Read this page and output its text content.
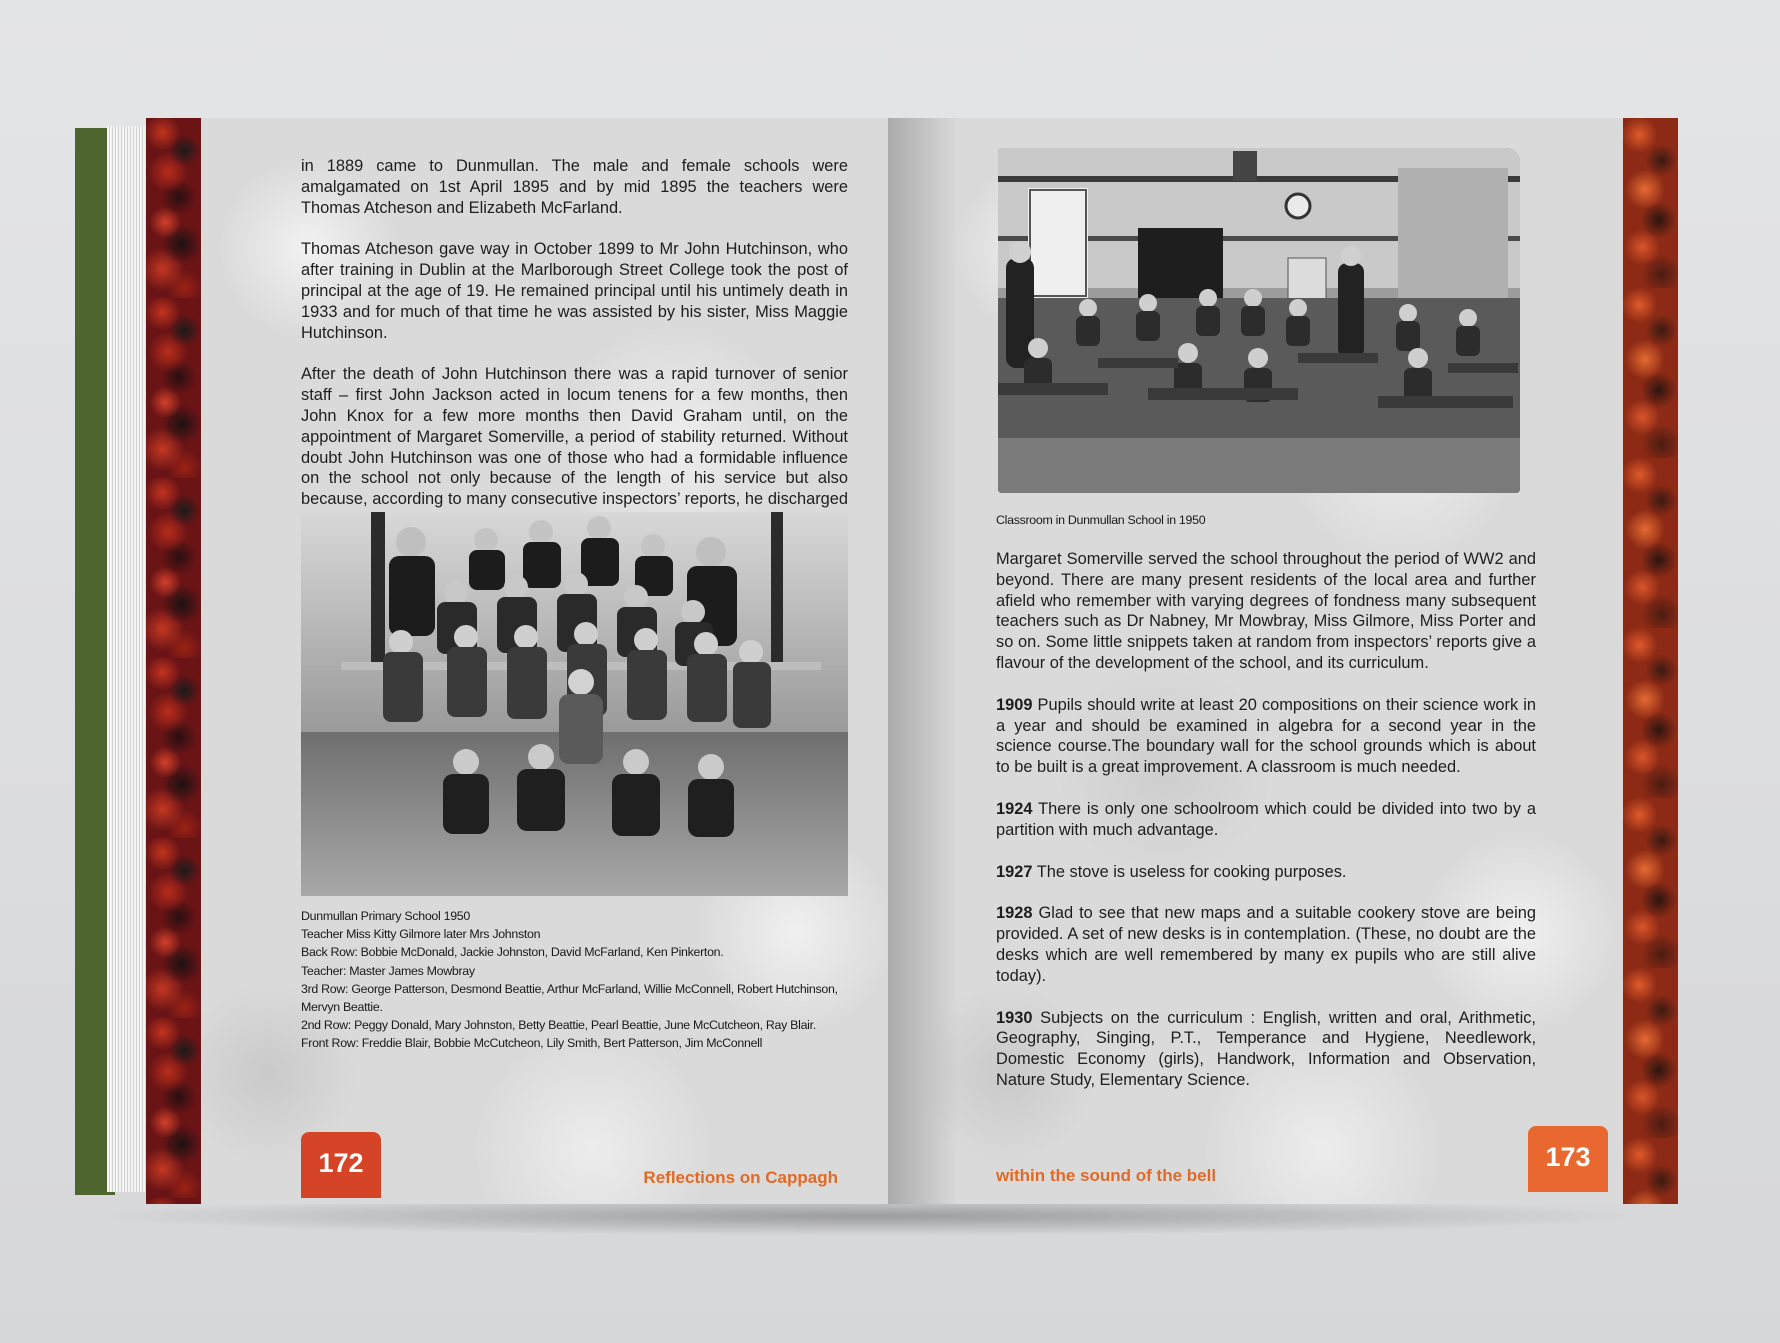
in 1889 came to Dunmullan. The male and female schools were amalgamated on 1st April 1895 and by mid 1895 the teachers were Thomas Atcheson and Elizabeth McFarland.

Thomas Atcheson gave way in October 1899 to Mr John Hutchinson, who after training in Dublin at the Marlborough Street College took the post of principal at the age of 19. He remained principal until his untimely death in 1933 and for much of that time he was assisted by his sister, Miss Maggie Hutchinson.

After the death of John Hutchinson there was a rapid turnover of senior staff – first John Jackson acted in locum tenens for a few months, then John Knox for a few more months then David Graham until, on the appointment of Margaret Somerville, a period of stability returned. Without doubt John Hutchinson was one of those who had a formidable influence on the school not only because of the length of his service but also because, according to many consecutive inspectors’ reports, he discharged

Dunmullan Primary School 1950
Teacher Miss Kitty Gilmore later Mrs Johnston
Back Row: Bobbie McDonald, Jackie Johnston, David McFarland, Ken Pinkerton.
Teacher: Master James Mowbray
3rd Row: George Patterson, Desmond Beattie, Arthur McFarland, Willie McConnell, Robert Hutchinson, Mervyn Beattie.
2nd Row: Peggy Donald, Mary Johnston, Betty Beattie, Pearl Beattie, June McCutcheon, Ray Blair.
Front Row: Freddie Blair, Bobbie McCutcheon, Lily Smith, Bert Patterson, Jim McConnell
172	Reflections on Cappagh
Classroom in Dunmullan School in 1950

Margaret Somerville served the school throughout the period of WW2 and beyond. There are many present residents of the local area and further afield who remember with varying degrees of fondness many subsequent teachers such as Dr Nabney, Mr Mowbray, Miss Gilmore, Miss Porter and so on. Some little snippets taken at random from inspectors’ reports give a flavour of the development of the school, and its curriculum.

1909 Pupils should write at least 20 compositions on their science work in a year and should be examined in algebra for a second year in the science course.The boundary wall for the school grounds which is about to be built is a great improvement. A classroom is much needed.

1924 There is only one schoolroom which could be divided into two by a partition with much advantage.

1927 The stove is useless for cooking purposes.

1928 Glad to see that new maps and a suitable cookery stove are being provided. A set of new desks is in contemplation. (These, no doubt are the desks which are well remembered by many ex pupils who are still alive today).

1930 Subjects on the curriculum : English, written and oral, Arithmetic, Geography, Singing, P.T., Temperance and Hygiene, Needlework, Domestic Economy (girls), Handwork, Information and Observation, Nature Study, Elementary Science.

within the sound of the bell
173
